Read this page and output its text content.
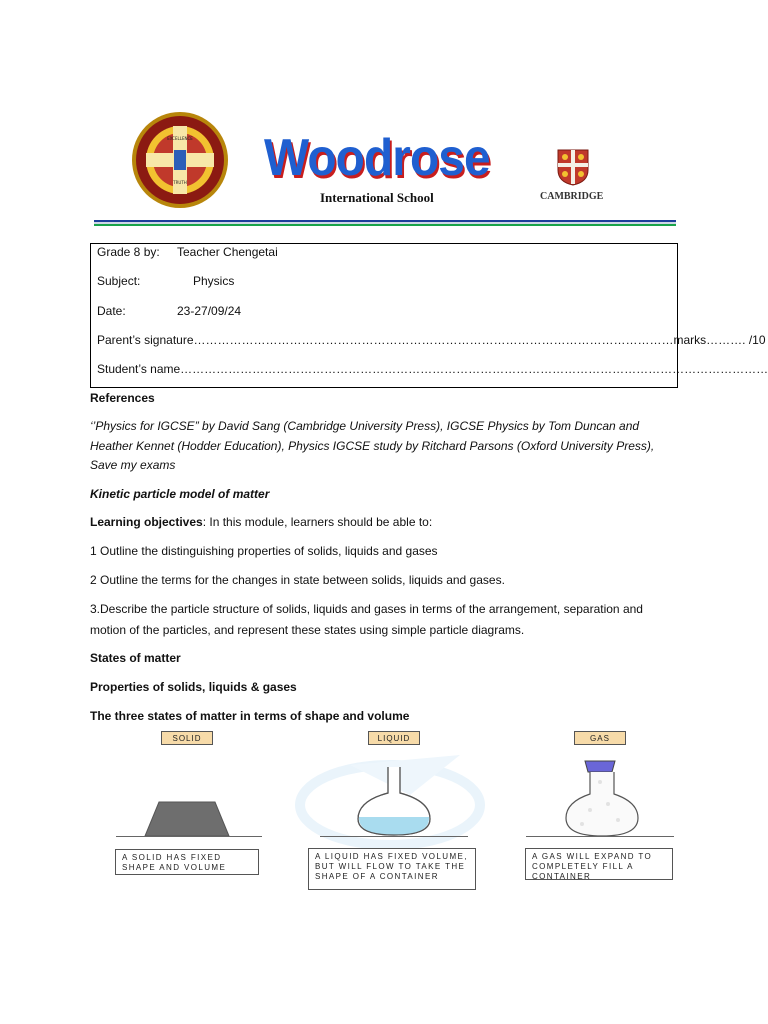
EXCELLENCE
TRUTH Woodrose
International School	CAMBRIDGE
Grade 8 by: Teacher Chengetai
Subject:	Physics
Date:	23-27/09/24
Parent’s signature…………………………………………………………………………………………………………marks………. /10
Student’s name…………………………………………………………………………………………………………………………………
References
‘’Physics for IGCSE” by David Sang (Cambridge University Press), IGCSE Physics by Tom Duncan and
Heather Kennet (Hodder Education), Physics IGCSE study by Ritchard Parsons (Oxford University Press),
Save my exams
Kinetic particle model of matter
Learning objectives: In this module, learners should be able to:
1 Outline the distinguishing properties of solids, liquids and gases
2 Outline the terms for the changes in state between solids, liquids and gases.
3.Describe the particle structure of solids, liquids and gases in terms of the arrangement, separation and
motion of the particles, and represent these states using simple particle diagrams.
States of matter
Properties of solids, liquids & gases
The three states of matter in terms of shape and volume
SOLID
A SOLID HAS FIXED SHAPE AND VOLUME
LIQUID
A LIQUID HAS FIXED VOLUME, BUT WILL FLOW TO TAKE THE SHAPE OF A CONTAINER
GAS
A GAS WILL EXPAND TO COMPLETELY FILL A CONTAINER
